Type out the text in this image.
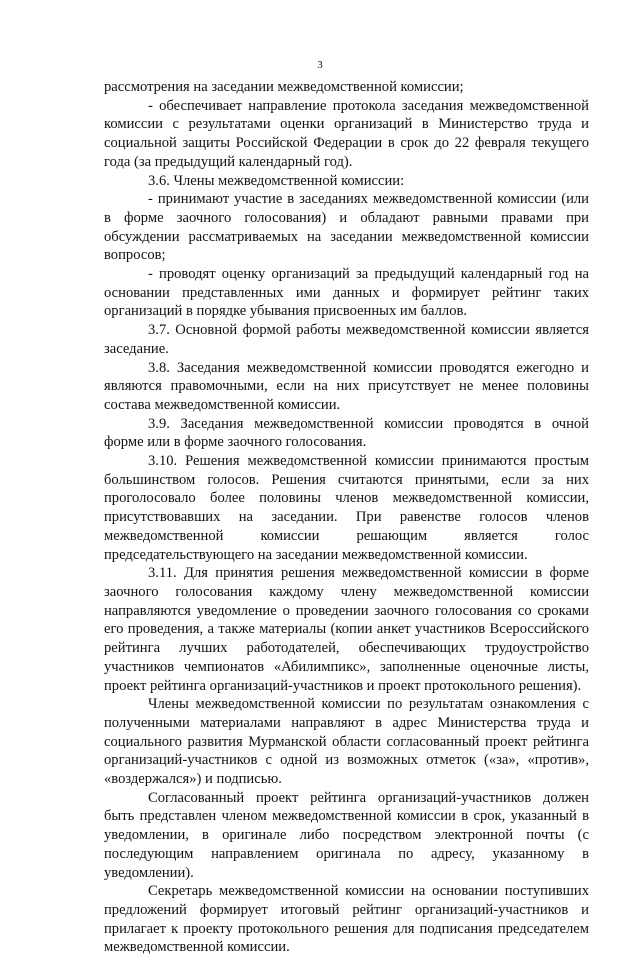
3

рассмотрения на заседании межведомственной комиссии;

- обеспечивает направление протокола заседания межведомственной комиссии с результатами оценки организаций в Министерство труда и социальной защиты Российской Федерации в срок до 22 февраля текущего года (за предыдущий календарный год).

3.6. Члены межведомственной комиссии:

- принимают участие в заседаниях межведомственной комиссии (или в форме заочного голосования) и обладают равными правами при обсуждении рассматриваемых на заседании межведомственной комиссии вопросов;

- проводят оценку организаций за предыдущий календарный год на основании представленных ими данных и формирует рейтинг таких организаций в порядке убывания присвоенных им баллов.

3.7. Основной формой работы межведомственной комиссии является заседание.

3.8. Заседания межведомственной комиссии проводятся ежегодно и являются правомочными, если на них присутствует не менее половины состава межведомственной комиссии.

3.9. Заседания межведомственной комиссии проводятся в очной форме или в форме заочного голосования.

3.10. Решения межведомственной комиссии принимаются простым большинством голосов. Решения считаются принятыми, если за них проголосовало более половины членов межведомственной комиссии, присутствовавших на заседании. При равенстве голосов членов межведомственной комиссии решающим является голос председательствующего на заседании межведомственной комиссии.

3.11. Для принятия решения межведомственной комиссии в форме заочного голосования каждому члену межведомственной комиссии направляются уведомление о проведении заочного голосования со сроками его проведения, а также материалы (копии анкет участников Всероссийского рейтинга лучших работодателей, обеспечивающих трудоустройство участников чемпионатов «Абилимпикс», заполненные оценочные листы, проект рейтинга организаций-участников и проект протокольного решения).

Члены межведомственной комиссии по результатам ознакомления с полученными материалами направляют в адрес Министерства труда и социального развития Мурманской области согласованный проект рейтинга организаций-участников с одной из возможных отметок («за», «против», «воздержался») и подписью.

Согласованный проект рейтинга организаций-участников должен быть представлен членом межведомственной комиссии в срок, указанный в уведомлении, в оригинале либо посредством электронной почты (с последующим направлением оригинала по адресу, указанному в уведомлении).

Секретарь межведомственной комиссии на основании поступивших предложений формирует итоговый рейтинг организаций-участников и прилагает к проекту протокольного решения для подписания председателем межведомственной комиссии.
